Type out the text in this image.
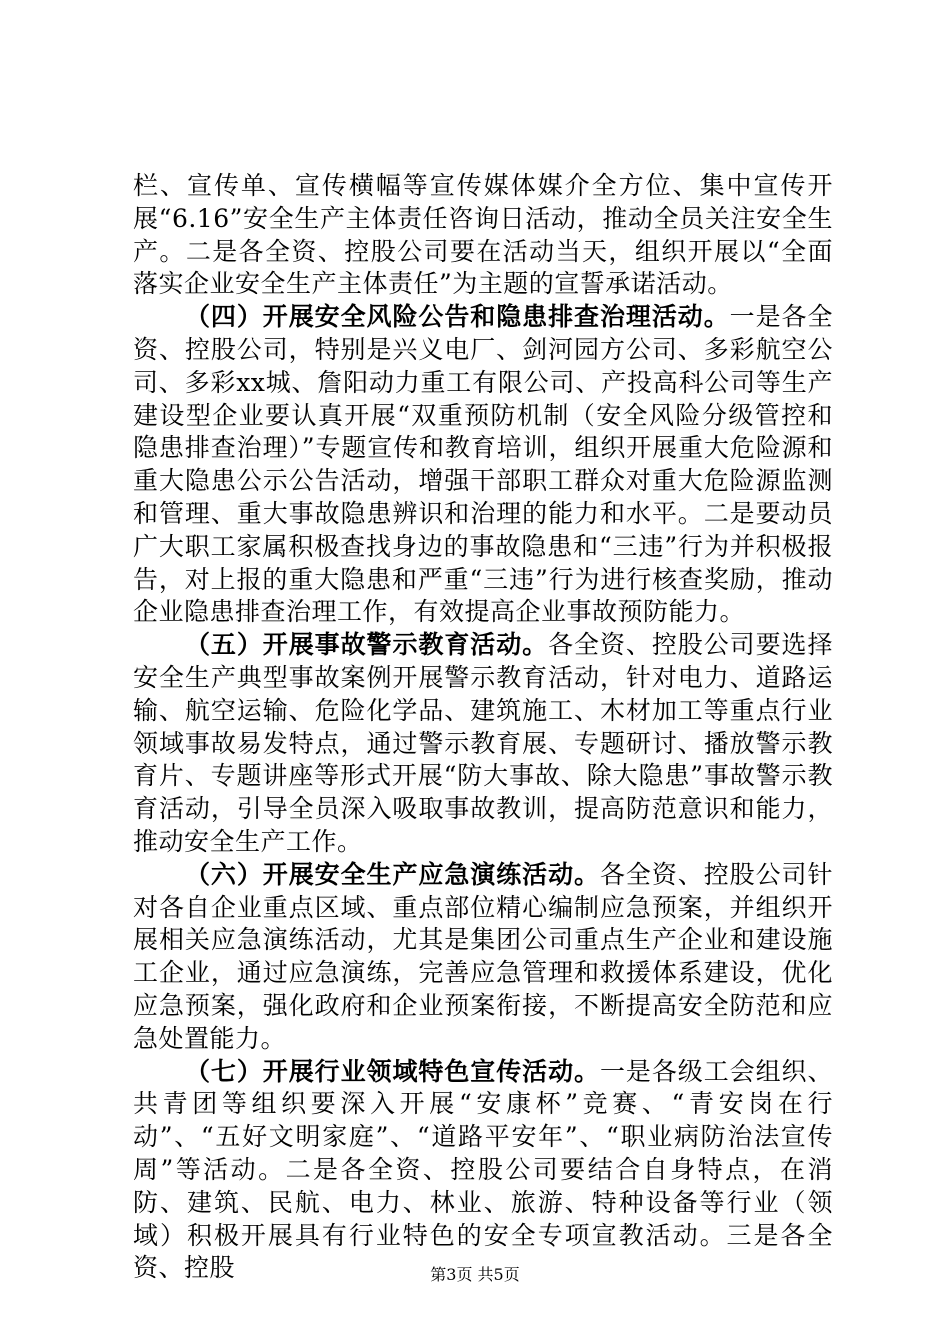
栏、宣传单、宣传横幅等宣传媒体媒介全方位、集中宣传开展“6.16”安全生产主体责任咨询日活动，推动全员关注安全生产。二是各全资、控股公司要在活动当天，组织开展以“全面落实企业安全生产主体责任”为主题的宣誓承诺活动。

（四）开展安全风险公告和隐患排查治理活动。一是各全资、控股公司，特别是兴义电厂、剑河园方公司、多彩航空公司、多彩xx城、詹阳动力重工有限公司、产投高科公司等生产建设型企业要认真开展“双重预防机制（安全风险分级管控和隐患排查治理）”专题宣传和教育培训，组织开展重大危险源和重大隐患公示公告活动，增强干部职工群众对重大危险源监测和管理、重大事故隐患辨识和治理的能力和水平。二是要动员广大职工家属积极查找身边的事故隐患和“三违”行为并积极报告，对上报的重大隐患和严重“三违”行为进行核查奖励，推动企业隐患排查治理工作，有效提高企业事故预防能力。

（五）开展事故警示教育活动。各全资、控股公司要选择安全生产典型事故案例开展警示教育活动，针对电力、道路运输、航空运输、危险化学品、建筑施工、木材加工等重点行业领域事故易发特点，通过警示教育展、专题研讨、播放警示教育片、专题讲座等形式开展“防大事故、除大隐患”事故警示教育活动，引导全员深入吸取事故教训，提高防范意识和能力，推动安全生产工作。

（六）开展安全生产应急演练活动。各全资、控股公司针对各自企业重点区域、重点部位精心编制应急预案，并组织开展相关应急演练活动，尤其是集团公司重点生产企业和建设施工企业，通过应急演练，完善应急管理和救援体系建设，优化应急预案，强化政府和企业预案衔接，不断提高安全防范和应急处置能力。

（七）开展行业领域特色宣传活动。一是各级工会组织、共青团等组织要深入开展“安康杯”竞赛、“青安岗在行动”、“五好文明家庭”、“道路平安年”、“职业病防治法宣传周”等活动。二是各全资、控股公司要结合自身特点，在消防、建筑、民航、电力、林业、旅游、特种设备等行业（领域）积极开展具有行业特色的安全专项宣教活动。三是各全资、控股	第3页 共5页
